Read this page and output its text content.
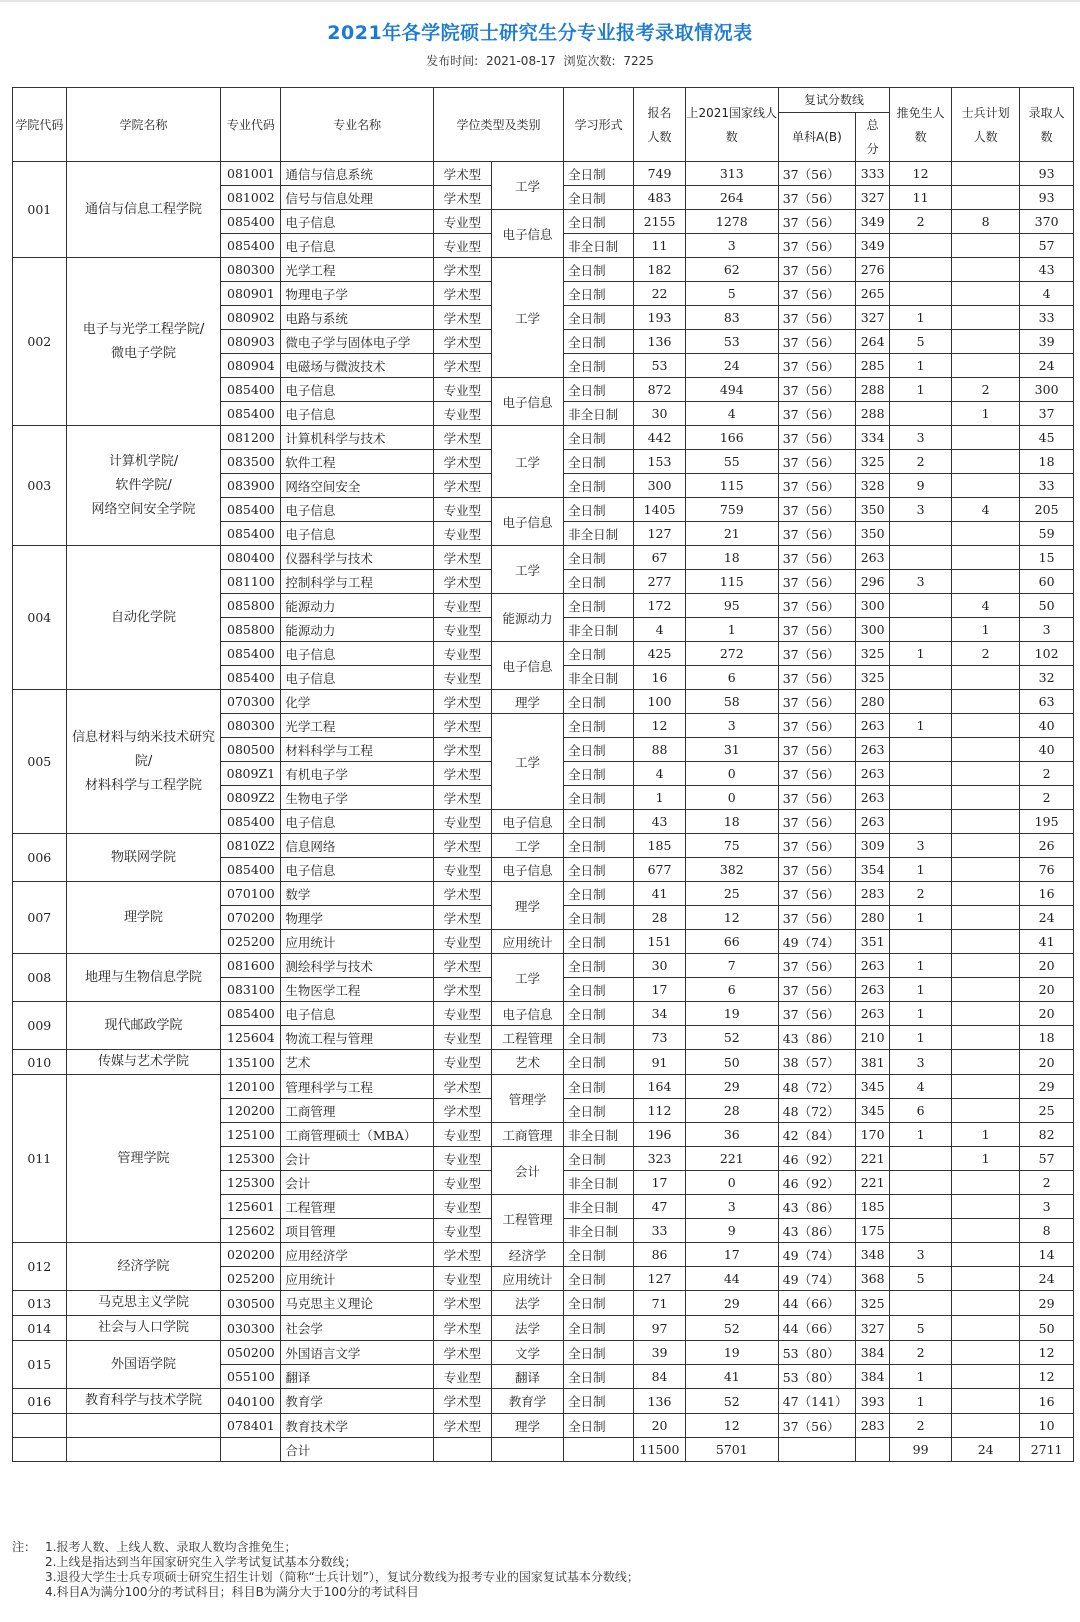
2021年各学院硕士研究生分专业报考录取情况表
发布时间: 2021-08-17 浏览次数: 7225
学院代码	学院名称	专业代码	专业名称	学位类型及类别		学习形式	报名人数	上2021国家线人数	复试分数线		推免生人数	士兵计划人数	录取人数
									单科A(B)	总分			

001	通信与信息工程学院	081001	通信与信息系统	学术型	工学	全日制	749	313	37（56）	333	12		93
		081002	信号与信息处理	学术型		全日制	483	264	37（56）	327	11		93
		085400	电子信息	专业型	电子信息	全日制	2155	1278	37（56）	349	2	8	370
		085400	电子信息	专业型		非全日制	11	3	37（56）	349			57
002	电子与光学工程学院/
微电子学院	080300	光学工程	学术型	工学	全日制	182	62	37（56）	276			43
		080901	物理电子学	学术型		全日制	22	5	37（56）	265			4
		080902	电路与系统	学术型		全日制	193	83	37（56）	327	1		33
		080903	微电子学与固体电子学	学术型		全日制	136	53	37（56）	264	5		39
		080904	电磁场与微波技术	学术型		全日制	53	24	37（56）	285	1		24
		085400	电子信息	专业型	电子信息	全日制	872	494	37（56）	288	1	2	300
		085400	电子信息	专业型		非全日制	30	4	37（56）	288		1	37
003	计算机学院/
软件学院/
网络空间安全学院	081200	计算机科学与技术	学术型	工学	全日制	442	166	37（56）	334	3		45
		083500	软件工程	学术型		全日制	153	55	37（56）	325	2		18
		083900	网络空间安全	学术型		全日制	300	115	37（56）	328	9		33
		085400	电子信息	专业型	电子信息	全日制	1405	759	37（56）	350	3	4	205
		085400	电子信息	专业型		非全日制	127	21	37（56）	350			59
004	自动化学院	080400	仪器科学与技术	学术型	工学	全日制	67	18	37（56）	263			15
		081100	控制科学与工程	学术型		全日制	277	115	37（56）	296	3		60
		085800	能源动力	专业型	能源动力	全日制	172	95	37（56）	300		4	50
		085800	能源动力	专业型		非全日制	4	1	37（56）	300		1	3
		085400	电子信息	专业型	电子信息	全日制	425	272	37（56）	325	1	2	102
		085400	电子信息	专业型		非全日制	16	6	37（56）	325			32
005	信息材料与纳米技术研究院/
材料科学与工程学院	070300	化学	学术型	理学	全日制	100	58	37（56）	280			63
		080300	光学工程	学术型	工学	全日制	12	3	37（56）	263	1		40
		080500	材料科学与工程	学术型		全日制	88	31	37（56）	263			40
		0809Z1	有机电子学	学术型		全日制	4	0	37（56）	263			2
		0809Z2	生物电子学	学术型		全日制	1	0	37（56）	263			2
		085400	电子信息	专业型	电子信息	全日制	43	18	37（56）	263			195
006	物联网学院	0810Z2	信息网络	学术型	工学	全日制	185	75	37（56）	309	3		26
		085400	电子信息	专业型	电子信息	全日制	677	382	37（56）	354	1		76
007	理学院	070100	数学	学术型	理学	全日制	41	25	37（56）	283	2		16
		070200	物理学	学术型		全日制	28	12	37（56）	280	1		24
		025200	应用统计	专业型	应用统计	全日制	151	66	49（74）	351			41
008	地理与生物信息学院	081600	测绘科学与技术	学术型	工学	全日制	30	7	37（56）	263	1		20
		083100	生物医学工程	学术型		全日制	17	6	37（56）	263	1		20
009	现代邮政学院	085400	电子信息	专业型	电子信息	全日制	34	19	37（56）	263	1		20
		125604	物流工程与管理	专业型	工程管理	全日制	73	52	43（86）	210	1		18
010	传媒与艺术学院	135100	艺术	专业型	艺术	全日制	91	50	38（57）	381	3		20
011	管理学院	120100	管理科学与工程	学术型	管理学	全日制	164	29	48（72）	345	4		29
		120200	工商管理	学术型		全日制	112	28	48（72）	345	6		25
		125100	工商管理硕士（MBA）	专业型	工商管理	非全日制	196	36	42（84）	170	1	1	82
		125300	会计	专业型	会计	全日制	323	221	46（92）	221		1	57
		125300	会计	专业型		非全日制	17	0	46（92）	221			2
		125601	工程管理	专业型	工程管理	非全日制	47	3	43（86）	185			3
		125602	项目管理	专业型		非全日制	33	9	43（86）	175			8
012	经济学院	020200	应用经济学	学术型	经济学	全日制	86	17	49（74）	348	3		14
		025200	应用统计	专业型	应用统计	全日制	127	44	49（74）	368	5		24
013	马克思主义学院	030500	马克思主义理论	学术型	法学	全日制	71	29	44（66）	325			29
014	社会与人口学院	030300	社会学	学术型	法学	全日制	97	52	44（66）	327	5		50
015	外国语学院	050200	外国语言文学	学术型	文学	全日制	39	19	53（80）	384	2		12
		055100	翻译	专业型	翻译	全日制	84	41	53（80）	384	1		12
016	教育科学与技术学院	040100	教育学	学术型	教育学	全日制	136	52	47（141）	393	1		16
		078401	教育技术学	学术型	理学	全日制	20	12	37（56）	283	2		10
			合计				11500	5701			99	24	2711
注： 1.报考人数、上线人数、录取人数均含推免生；
2.上线是指达到当年国家研究生入学考试复试基本分数线；
3.退役大学生士兵专项硕士研究生招生计划（简称“士兵计划”），复试分数线为报考专业的国家复试基本分数线；
4.科目A为满分100分的考试科目；科目B为满分大于100分的考试科目
